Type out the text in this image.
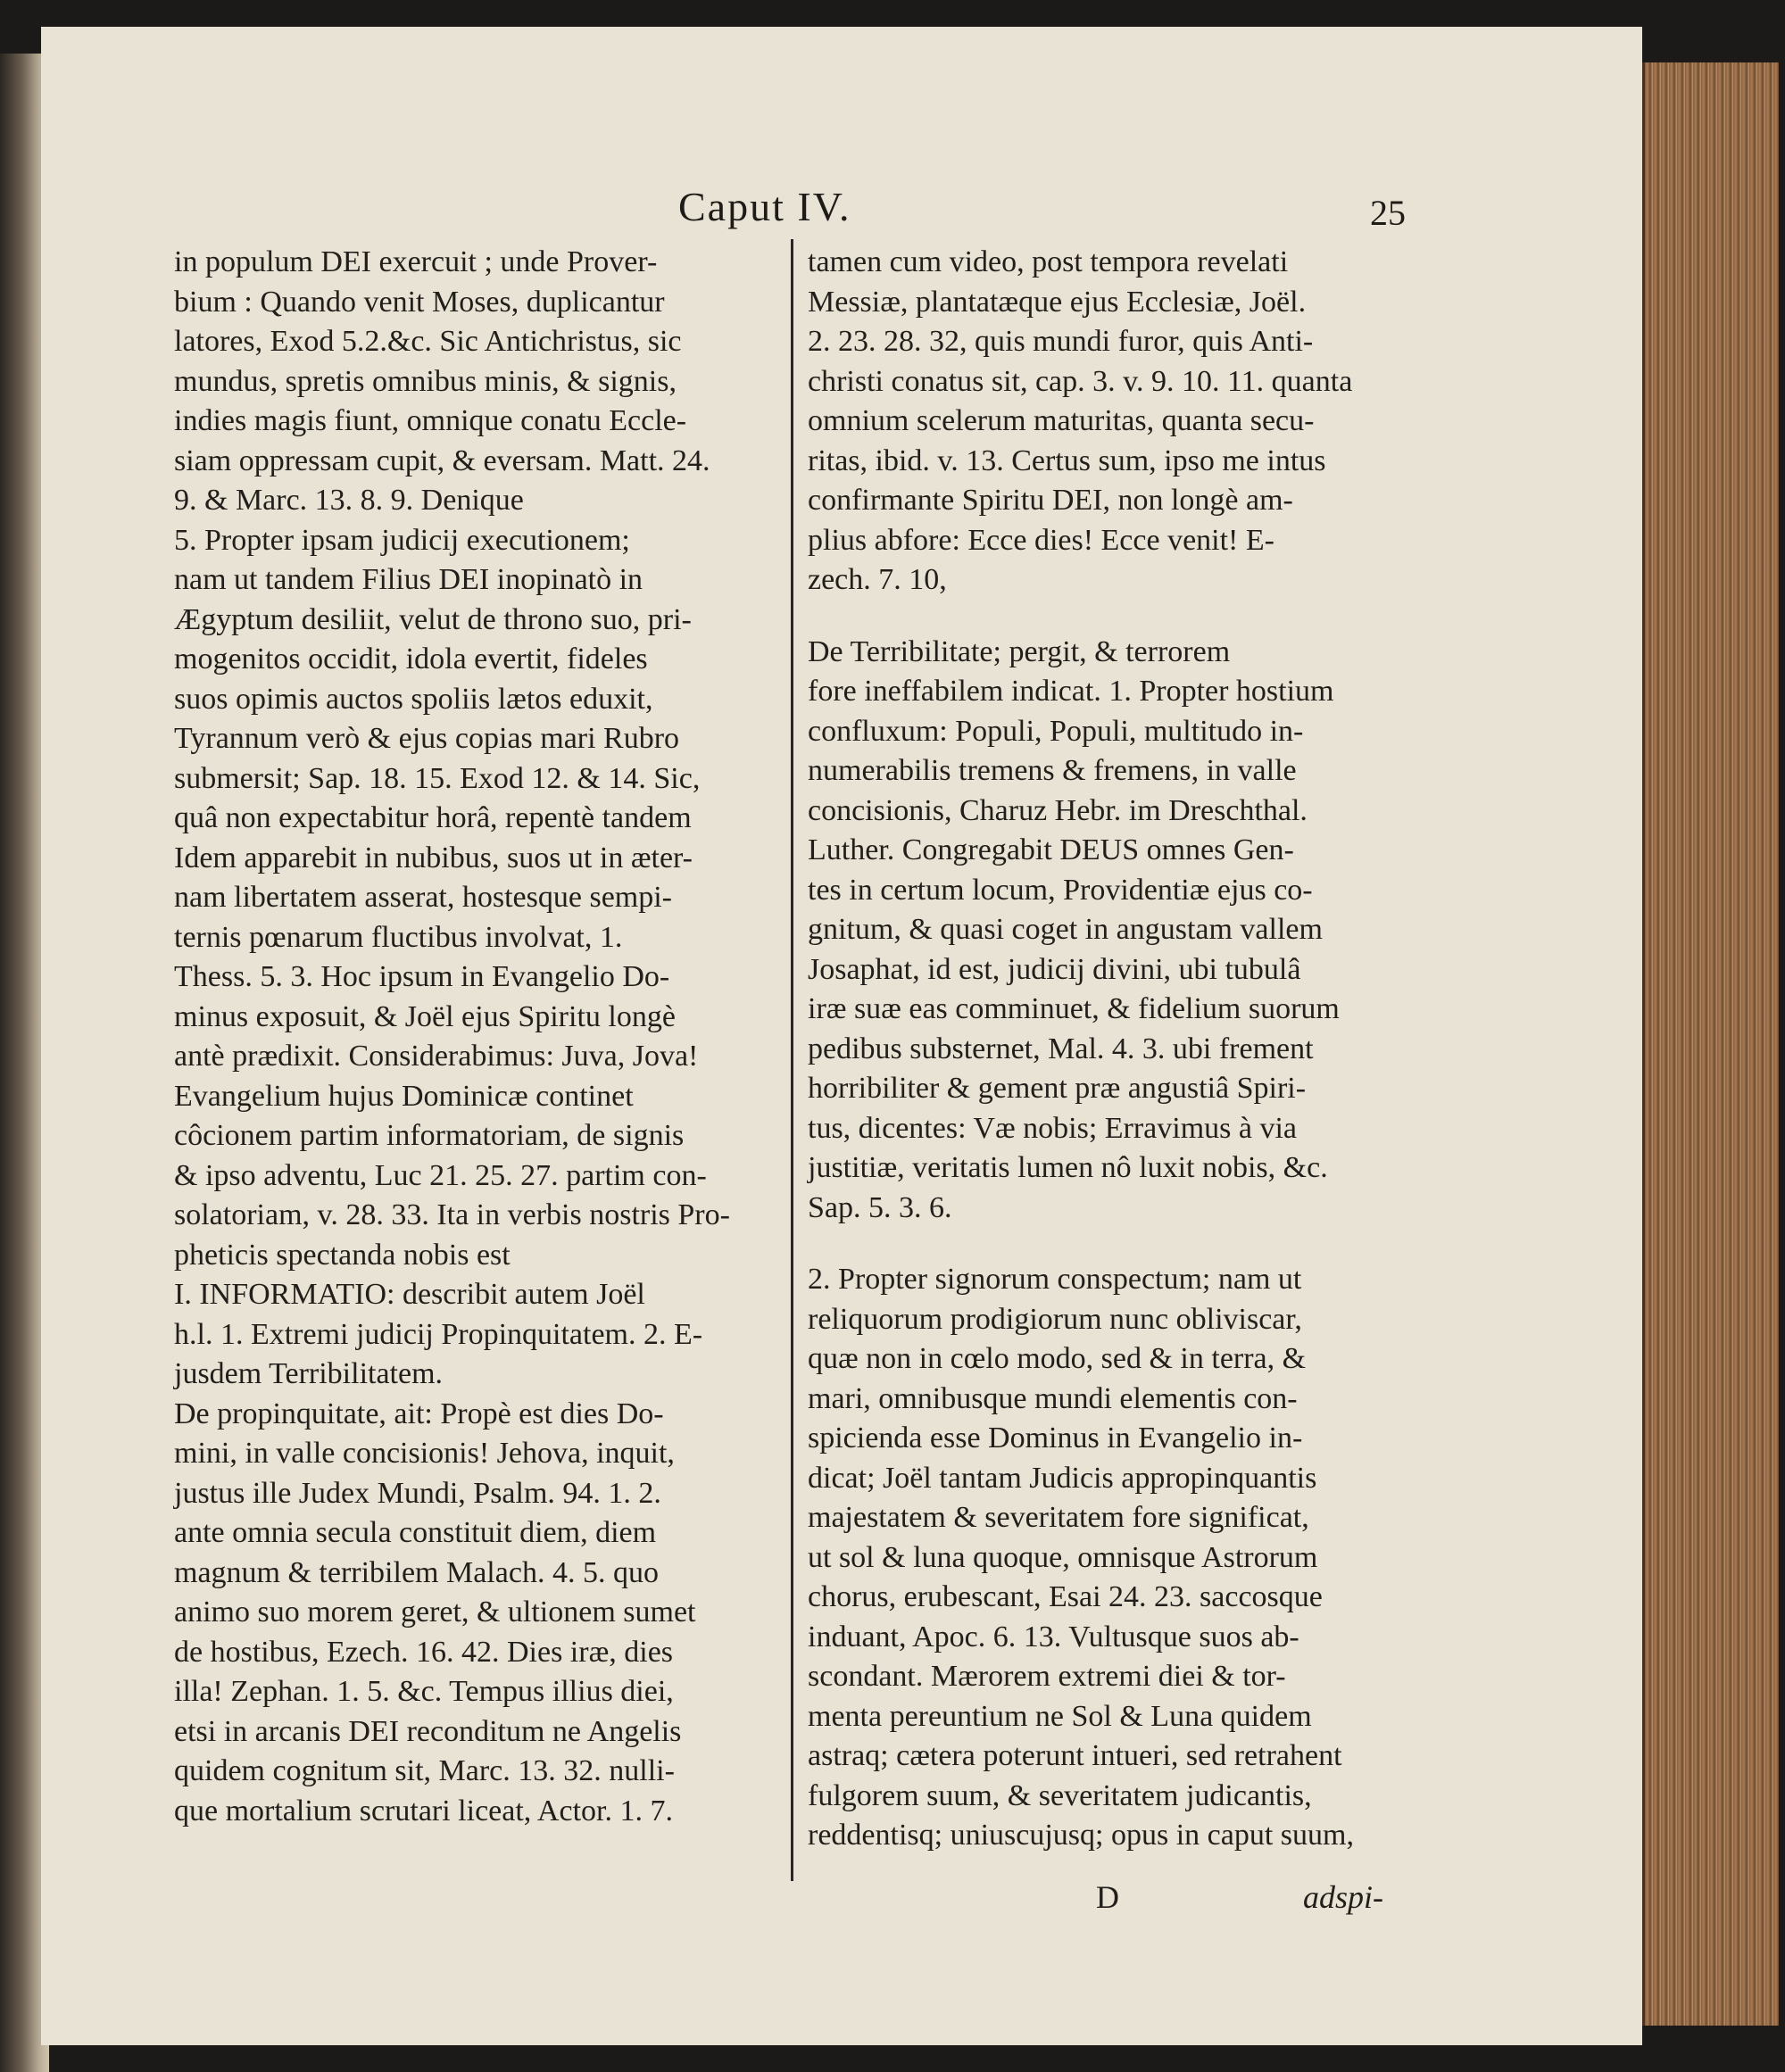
Caput IV.	25
in populum DEI exercuit ; unde Prover-
bium : Quando venit Moses, duplicantur
latores, Exod 5.2.&c. Sic Antichristus, sic
mundus, spretis omnibus minis, & signis,
indies magis fiunt, omnique conatu Eccle-
siam oppressam cupit, & eversam. Matt. 24.
9. & Marc. 13. 8. 9. Denique
5. Propter ipsam judicij executionem;
nam ut tandem Filius DEI inopinatò in
Ægyptum desiliit, velut de throno suo, pri-
mogenitos occidit, idola evertit, fideles
suos opimis auctos spoliis lætos eduxit,
Tyrannum verò & ejus copias mari Rubro
submersit; Sap. 18. 15. Exod 12. & 14. Sic,
quâ non expectabitur horâ, repentè tandem
Idem apparebit in nubibus, suos ut in æter-
nam libertatem asserat, hostesque sempi-
ternis pœnarum fluctibus involvat, 1.
Thess. 5. 3. Hoc ipsum in Evangelio Do-
minus exposuit, & Joël ejus Spiritu longè
antè prædixit. Considerabimus: Juva, Jova!
Evangelium hujus Dominicæ continet
côcionem partim informatoriam, de signis
& ipso adventu, Luc 21. 25. 27. partim con-
solatoriam, v. 28. 33. Ita in verbis nostris Pro-
pheticis spectanda nobis est
I. INFORMATIO: describit autem Joël
h.l. 1. Extremi judicij Propinquitatem. 2. E-
jusdem Terribilitatem.
De propinquitate, ait: Propè est dies Do-
mini, in valle concisionis! Jehova, inquit,
justus ille Judex Mundi, Psalm. 94. 1. 2.
ante omnia secula constituit diem, diem
magnum & terribilem Malach. 4. 5. quo
animo suo morem geret, & ultionem sumet
de hostibus, Ezech. 16. 42. Dies iræ, dies
illa! Zephan. 1. 5. &c. Tempus illius diei,
etsi in arcanis DEI reconditum ne Angelis
quidem cognitum sit, Marc. 13. 32. nulli-
que mortalium scrutari liceat, Actor. 1. 7.
tamen cum video, post tempora revelati
Messiæ, plantatæque ejus Ecclesiæ, Joël.
2. 23. 28. 32, quis mundi furor, quis Anti-
christi conatus sit, cap. 3. v. 9. 10. 11. quanta
omnium scelerum maturitas, quanta secu-
ritas, ibid. v. 13. Certus sum, ipso me intus
confirmante Spiritu DEI, non longè am-
plius abfore: Ecce dies! Ecce venit! E-
zech. 7. 10,
De Terribilitate; pergit, & terrorem
fore ineffabilem indicat. 1. Propter hostium
confluxum: Populi, Populi, multitudo in-
numerabilis tremens & fremens, in valle
concisionis, Charuz Hebr. im Dreschthal.
Luther. Congregabit DEUS omnes Gen-
tes in certum locum, Providentiæ ejus co-
gnitum, & quasi coget in angustam vallem
Josaphat, id est, judicij divini, ubi tubulâ
iræ suæ eas comminuet, & fidelium suorum
pedibus substernet, Mal. 4. 3. ubi frement
horribiliter & gement præ angustiâ Spiri-
tus, dicentes: Væ nobis; Erravimus à via
justitiæ, veritatis lumen nô luxit nobis, &c.
Sap. 5. 3. 6.
2. Propter signorum conspectum; nam ut
reliquorum prodigiorum nunc obliviscar,
quæ non in cœlo modo, sed & in terra, &
mari, omnibusque mundi elementis con-
spicienda esse Dominus in Evangelio in-
dicat; Joël tantam Judicis appropinquantis
majestatem & severitatem fore significat,
ut sol & luna quoque, omnisque Astrorum
chorus, erubescant, Esai 24. 23. saccosque
induant, Apoc. 6. 13. Vultusque suos ab-
scondant. Mærorem extremi diei & tor-
menta pereuntium ne Sol & Luna quidem
astraq; cætera poterunt intueri, sed retrahent
fulgorem suum, & severitatem judicantis,
reddentisq; uniuscujusq; opus in caput suum,
D	adspi-
